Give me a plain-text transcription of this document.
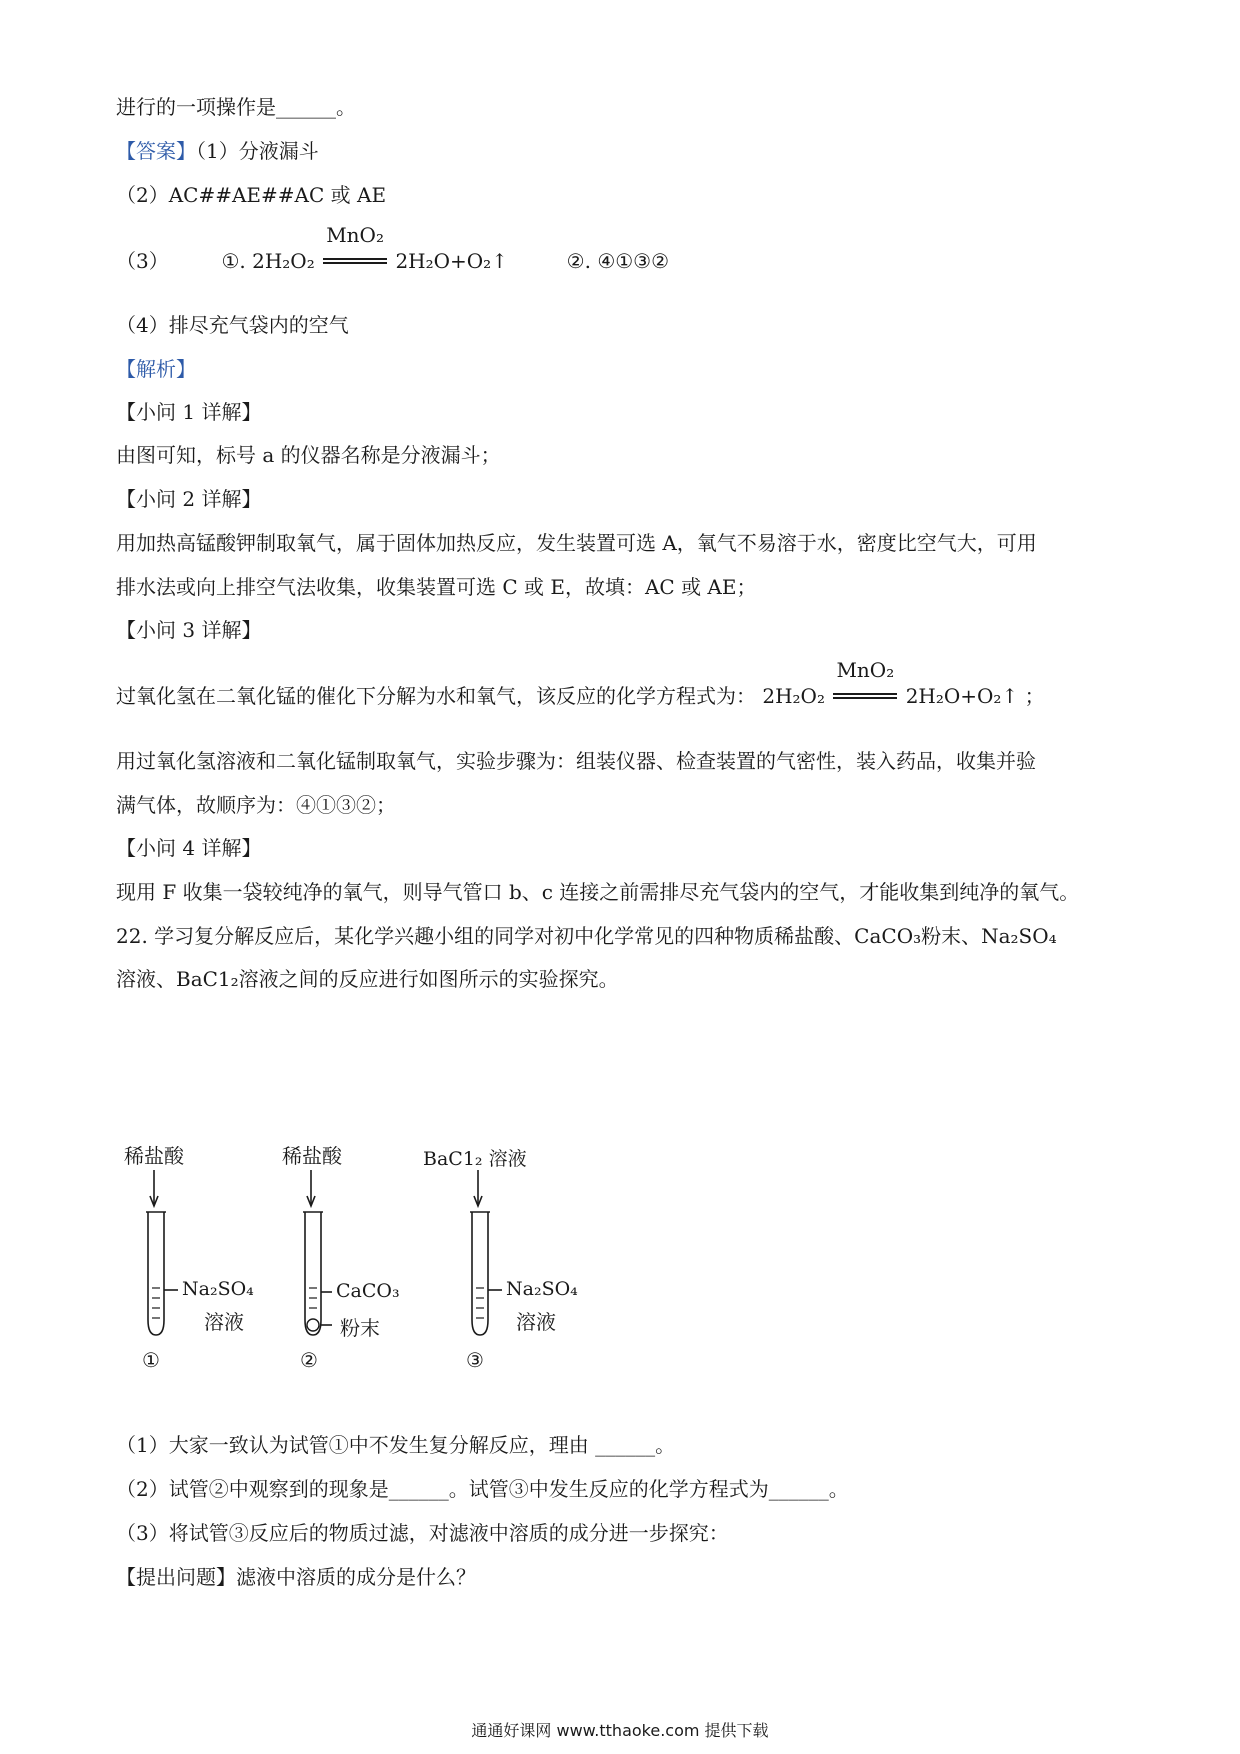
进行的一项操作是______。
【答案】（1）分液漏斗
（2）AC##AE##AC 或 AE
（3）	①. 2H₂O₂
MnO₂
2H₂O+O₂↑	②. ④①③②
（4）排尽充气袋内的空气
【解析】
【小问 1 详解】
由图可知，标号 a 的仪器名称是分液漏斗；
【小问 2 详解】
用加热高锰酸钾制取氧气，属于固体加热反应，发生装置可选 A，氧气不易溶于水，密度比空气大，可用
排水法或向上排空气法收集，收集装置可选 C 或 E，故填：AC 或 AE；
【小问 3 详解】
过氧化氢在二氧化锰的催化下分解为水和氧气，该反应的化学方程式为： 2H₂O₂
MnO₂
2H₂O+O₂↑ ；
用过氧化氢溶液和二氧化锰制取氧气，实验步骤为：组装仪器、检查装置的气密性，装入药品，收集并验
满气体，故顺序为：④①③②；
【小问 4 详解】
现用 F 收集一袋较纯净的氧气，则导气管口 b、c 连接之前需排尽充气袋内的空气，才能收集到纯净的氧气。
22. 学习复分解反应后，某化学兴趣小组的同学对初中化学常见的四种物质稀盐酸、CaCO₃粉末、Na₂SO₄
溶液、BaC1₂溶液之间的反应进行如图所示的实验探究。
稀盐酸
Na₂SO₄
溶液
①
稀盐酸
CaCO₃
粉末
②
BaC1₂ 溶液
Na₂SO₄
溶液
③
（1）大家一致认为试管①中不发生复分解反应，理由 ______。
（2）试管②中观察到的现象是______。试管③中发生反应的化学方程式为______。
（3）将试管③反应后的物质过滤，对滤液中溶质的成分进一步探究：
【提出问题】滤液中溶质的成分是什么？
通通好课网 www.tthaoke.com 提供下载
